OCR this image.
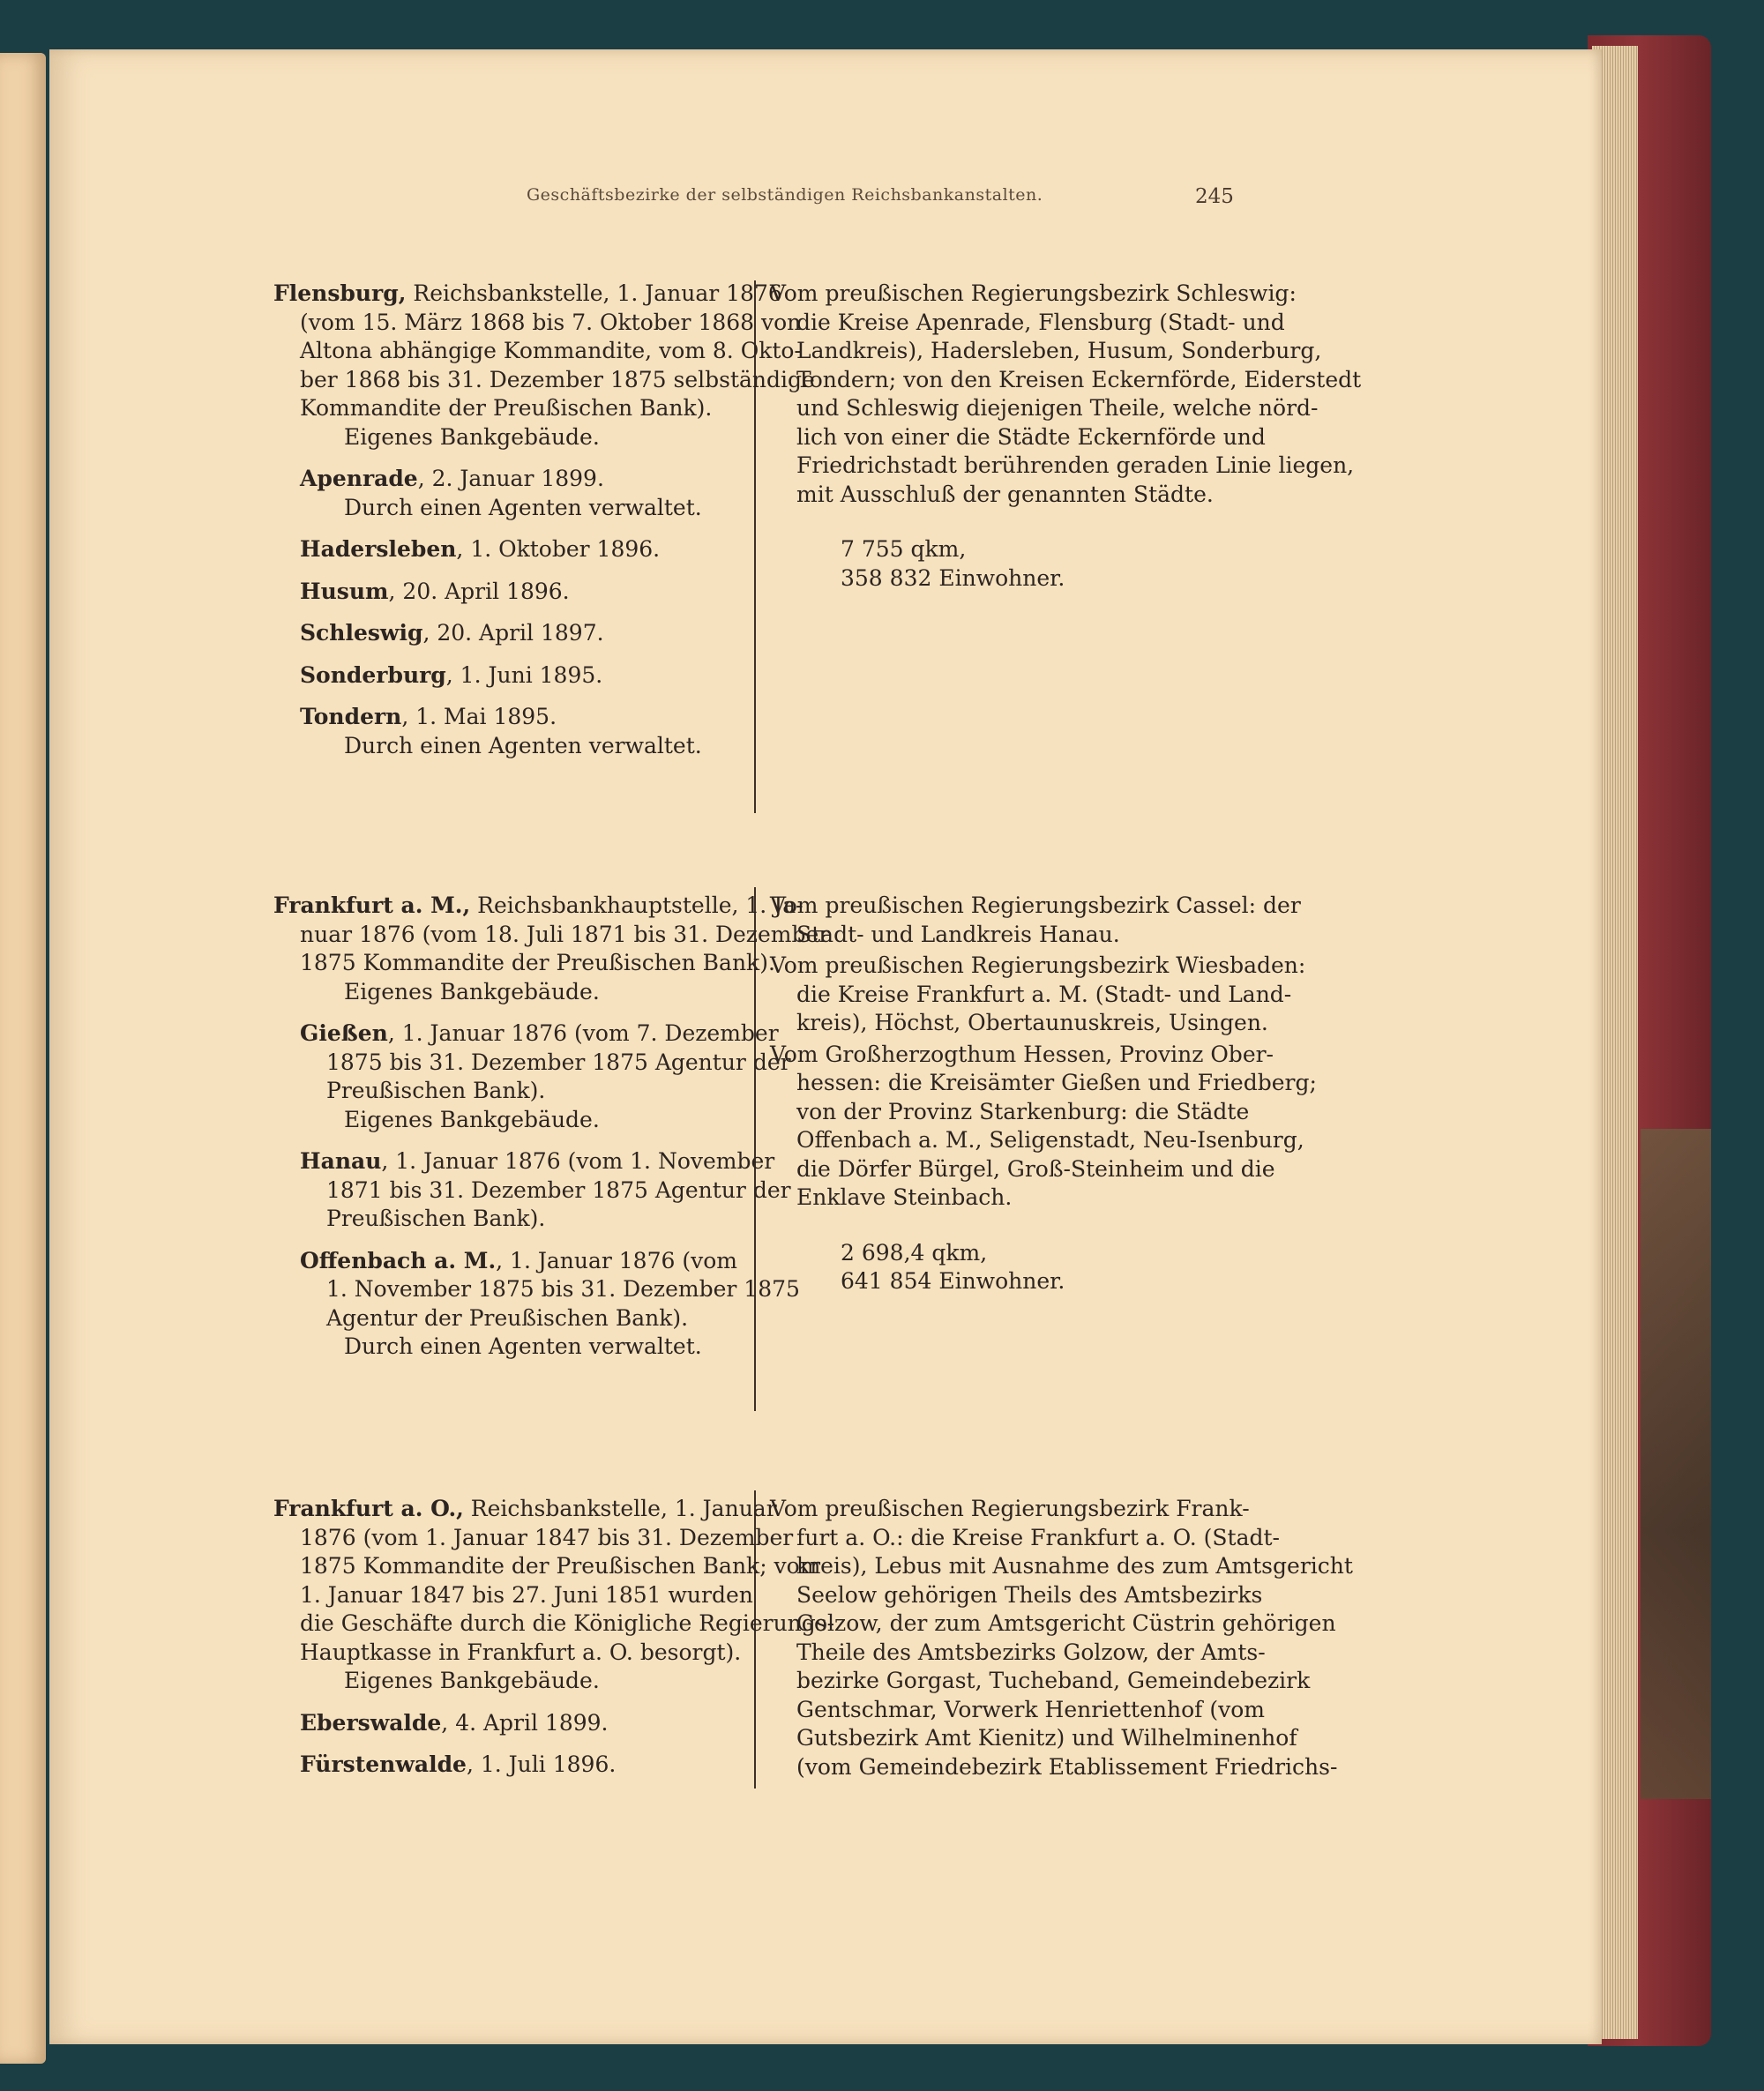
Geschäftsbezirke der selbständigen Reichsbankanstalten.	245
Flensburg, Reichsbankstelle, 1. Januar 1876
(vom 15. März 1868 bis 7. Oktober 1868 von
Altona abhängige Kommandite, vom 8. Okto-
ber 1868 bis 31. Dezember 1875 selbständige
Kommandite der Preußischen Bank).
Eigenes Bankgebäude.
Apenrade, 2. Januar 1899.
Durch einen Agenten verwaltet.
Hadersleben, 1. Oktober 1896.
Husum, 20. April 1896.
Schleswig, 20. April 1897.
Sonderburg, 1. Juni 1895.
Tondern, 1. Mai 1895.
Durch einen Agenten verwaltet.
Vom preußischen Regierungsbezirk Schleswig:
die Kreise Apenrade, Flensburg (Stadt- und
Landkreis), Hadersleben, Husum, Sonderburg,
Tondern; von den Kreisen Eckernförde, Eiderstedt
und Schleswig diejenigen Theile, welche nörd-
lich von einer die Städte Eckernförde und
Friedrichstadt berührenden geraden Linie liegen,
mit Ausschluß der genannten Städte.
7 755 qkm,
358 832 Einwohner.
Frankfurt a. M., Reichsbankhauptstelle, 1. Ja-
nuar 1876 (vom 18. Juli 1871 bis 31. Dezember
1875 Kommandite der Preußischen Bank).
Eigenes Bankgebäude.
Gießen, 1. Januar 1876 (vom 7. Dezember
1875 bis 31. Dezember 1875 Agentur der
Preußischen Bank).
Eigenes Bankgebäude.
Hanau, 1. Januar 1876 (vom 1. November
1871 bis 31. Dezember 1875 Agentur der
Preußischen Bank).
Offenbach a. M., 1. Januar 1876 (vom
1. November 1875 bis 31. Dezember 1875
Agentur der Preußischen Bank).
Durch einen Agenten verwaltet.
Vom preußischen Regierungsbezirk Cassel: der
Stadt- und Landkreis Hanau.
Vom preußischen Regierungsbezirk Wiesbaden:
die Kreise Frankfurt a. M. (Stadt- und Land-
kreis), Höchst, Obertaunuskreis, Usingen.
Vom Großherzogthum Hessen, Provinz Ober-
hessen: die Kreisämter Gießen und Friedberg;
von der Provinz Starkenburg: die Städte
Offenbach a. M., Seligenstadt, Neu-Isenburg,
die Dörfer Bürgel, Groß-Steinheim und die
Enklave Steinbach.
2 698,4 qkm,
641 854 Einwohner.
Frankfurt a. O., Reichsbankstelle, 1. Januar
1876 (vom 1. Januar 1847 bis 31. Dezember
1875 Kommandite der Preußischen Bank; vom
1. Januar 1847 bis 27. Juni 1851 wurden
die Geschäfte durch die Königliche Regierungs-
Hauptkasse in Frankfurt a. O. besorgt).
Eigenes Bankgebäude.
Eberswalde, 4. April 1899.
Fürstenwalde, 1. Juli 1896.
Vom preußischen Regierungsbezirk Frank-
furt a. O.: die Kreise Frankfurt a. O. (Stadt-
kreis), Lebus mit Ausnahme des zum Amtsgericht
Seelow gehörigen Theils des Amtsbezirks
Golzow, der zum Amtsgericht Cüstrin gehörigen
Theile des Amtsbezirks Golzow, der Amts-
bezirke Gorgast, Tucheband, Gemeindebezirk
Gentschmar, Vorwerk Henriettenhof (vom
Gutsbezirk Amt Kienitz) und Wilhelminenhof
(vom Gemeindebezirk Etablissement Friedrichs-
